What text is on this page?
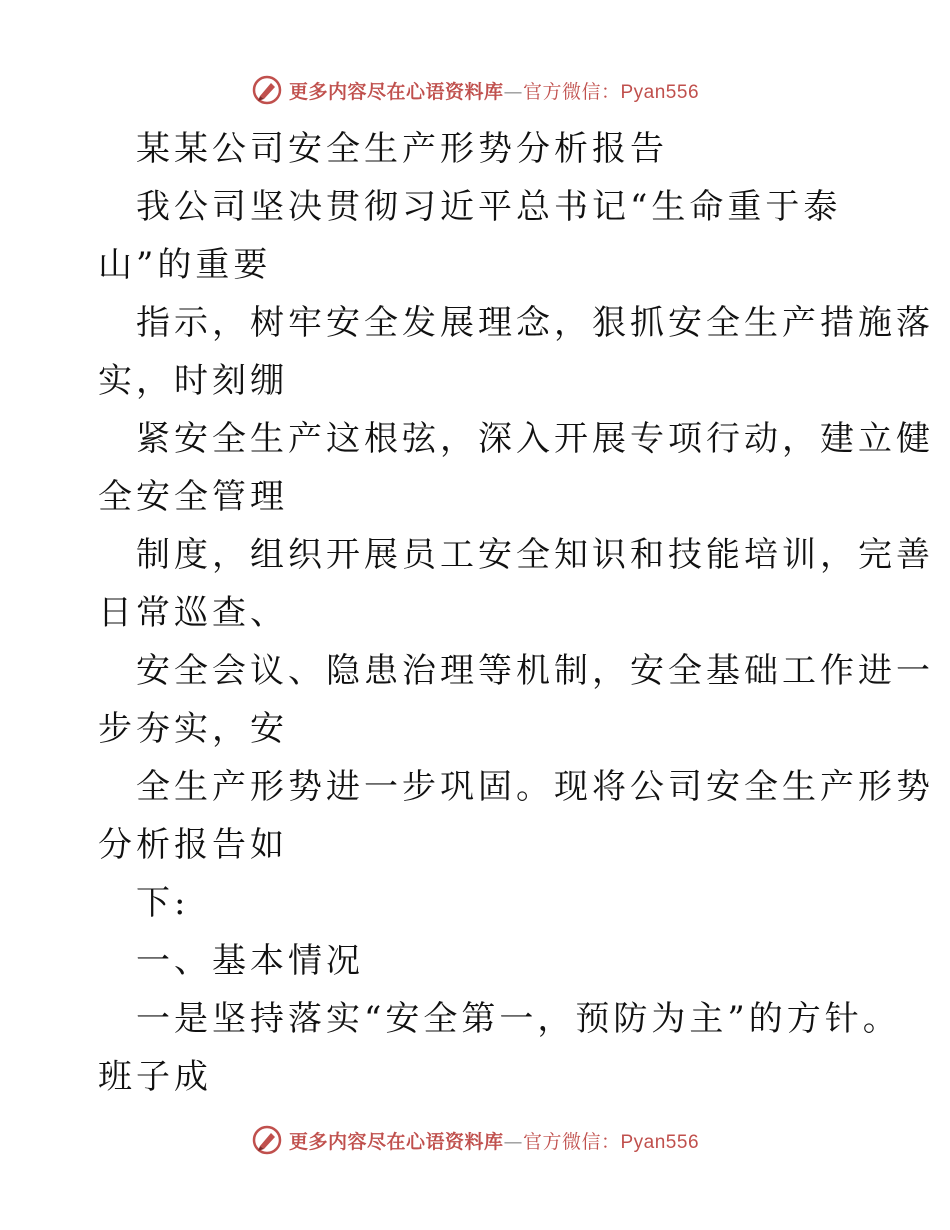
更多内容尽在心语资料库—官方微信：Pyan556
某某公司安全生产形势分析报告
我公司坚决贯彻习近平总书记“生命重于泰
山”的重要
指示，树牢安全发展理念，狠抓安全生产措施落
实，时刻绷
紧安全生产这根弦，深入开展专项行动，建立健
全安全管理
制度，组织开展员工安全知识和技能培训，完善
日常巡查、
安全会议、隐患治理等机制，安全基础工作进一
步夯实，安
全生产形势进一步巩固。现将公司安全生产形势
分析报告如
下:
一、基本情况
一是坚持落实“安全第一，预防为主”的方针。
班子成
更多内容尽在心语资料库—官方微信：Pyan556
